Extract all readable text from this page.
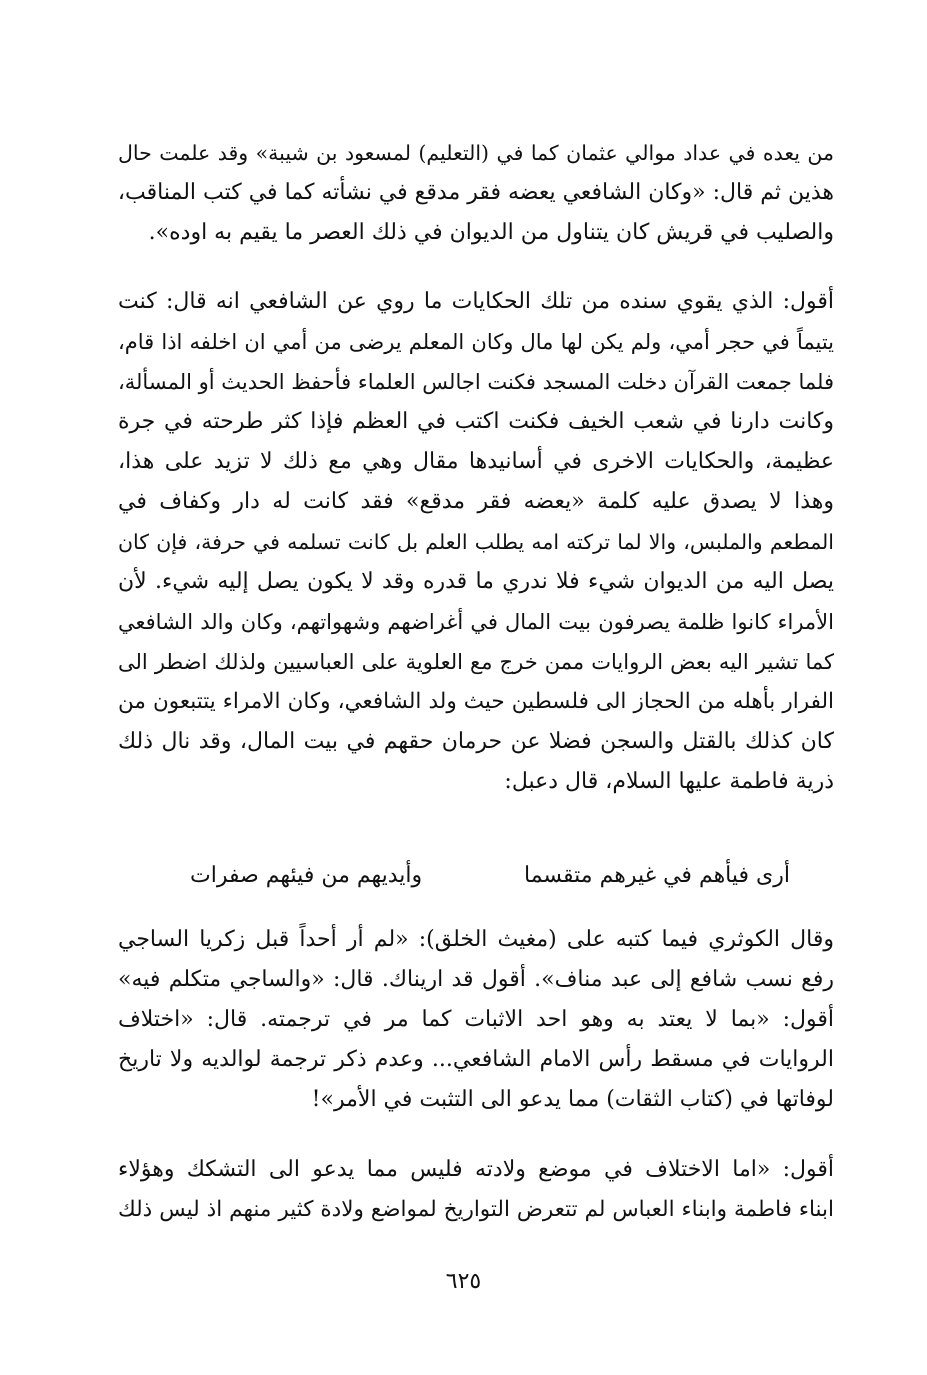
من يعده في عداد موالي عثمان كما في (التعليم) لمسعود بن شيبة» وقد علمت حال
هذين ثم قال: «وكان الشافعي يعضه فقر مدقع في نشأته كما في كتب المناقب،
والصليب في قريش كان يتناول من الديوان في ذلك العصر ما يقيم به اوده».
أقول: الذي يقوي سنده من تلك الحكايات ما روي عن الشافعي انه قال: كنت
يتيماً في حجر أمي، ولم يكن لها مال وكان المعلم يرضى من أمي ان اخلفه اذا قام،
فلما جمعت القرآن دخلت المسجد فكنت اجالس العلماء فأحفظ الحديث أو المسألة،
وكانت دارنا في شعب الخيف فكنت اكتب في العظم فإذا كثر طرحته في جرة
عظيمة، والحكايات الاخرى في أسانيدها مقال وهي مع ذلك لا تزيد على هذا،
وهذا لا يصدق عليه كلمة «يعضه فقر مدقع» فقد كانت له دار وكفاف في
المطعم والملبس، والا لما تركته امه يطلب العلم بل كانت تسلمه في حرفة، فإن كان
يصل اليه من الديوان شيء فلا ندري ما قدره وقد لا يكون يصل إليه شيء. لأن
الأمراء كانوا ظلمة يصرفون بيت المال في أغراضهم وشهواتهم، وكان والد الشافعي
كما تشير اليه بعض الروايات ممن خرج مع العلوية على العباسيين ولذلك اضطر الى
الفرار بأهله من الحجاز الى فلسطين حيث ولد الشافعي، وكان الامراء يتتبعون من
كان كذلك بالقتل والسجن فضلا عن حرمان حقهم في بيت المال، وقد نال ذلك
ذرية فاطمة عليها السلام، قال دعبل:
أرى فيأهم في غيرهم متقسما
وأيديهم من فيئهم صفرات
وقال الكوثري فيما كتبه على (مغيث الخلق): «لم أر أحداً قبل زكريا الساجي
رفع نسب شافع إلى عبد مناف». أقول قد اريناك. قال: «والساجي متكلم فيه»
أقول: «بما لا يعتد به وهو احد الاثبات كما مر في ترجمته. قال: «اختلاف
الروايات في مسقط رأس الامام الشافعي... وعدم ذكر ترجمة لوالديه ولا تاريخ
لوفاتها في (كتاب الثقات) مما يدعو الى التثبت في الأمر»!
أقول: «اما الاختلاف في موضع ولادته فليس مما يدعو الى التشكك وهؤلاء
ابناء فاطمة وابناء العباس لم تتعرض التواريخ لمواضع ولادة كثير منهم اذ ليس ذلك
٦٢٥
